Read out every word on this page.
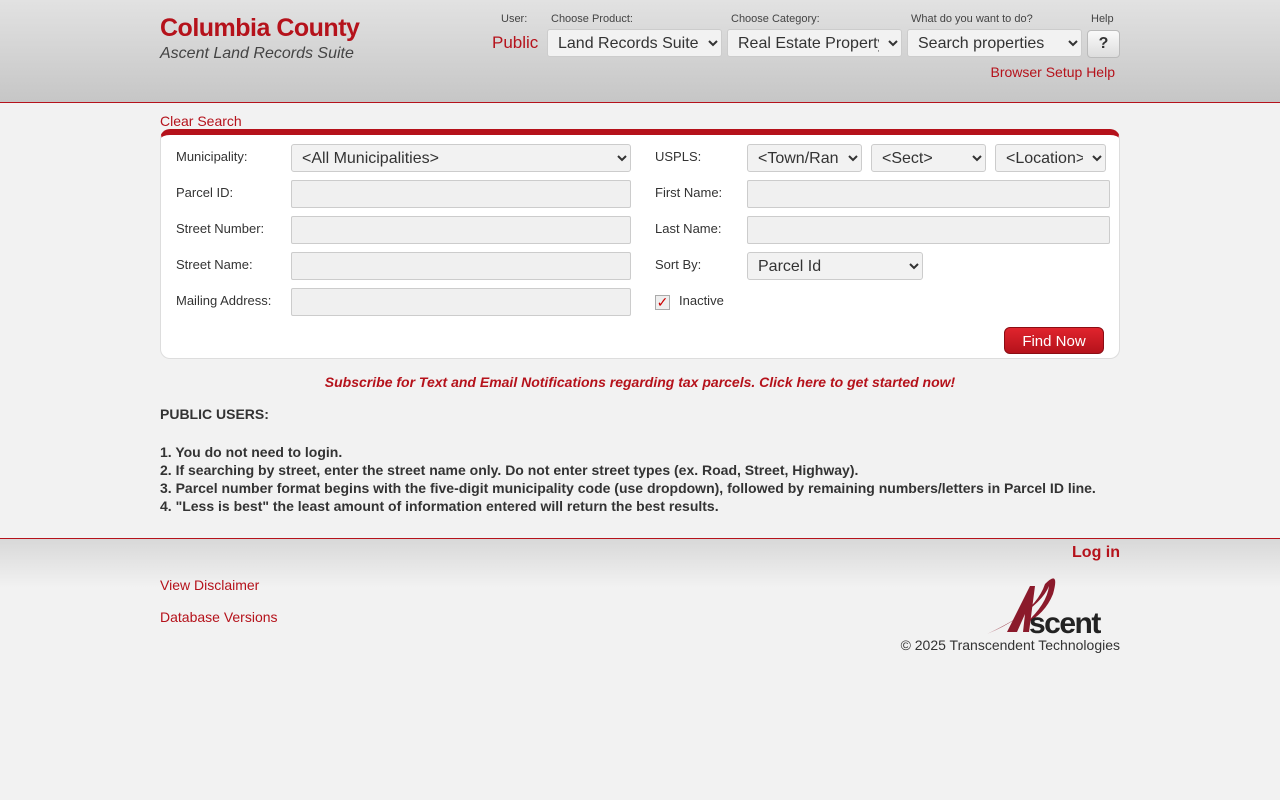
Columbia County
Ascent Land Records Suite
User: Choose Product:	Choose Category:	What do you want to do?	Help
Public
Land Records Suite
Real Estate Property
Search properties	?
Browser Setup Help
Clear Search
Municipality:
<All Municipalities>
Parcel ID:
Street Number:
Street Name:
Mailing Address:
USPLS:
<Town/Range>
<Sect>
<Location>
First Name:
Last Name:
Sort By:
Parcel Id
✓ Inactive
Find Now
Subscribe for Text and Email Notifications regarding tax parcels. Click here to get started now!
PUBLIC USERS:
1. You do not need to login.
2. If searching by street, enter the street name only. Do not enter street types (ex. Road, Street, Highway).
3. Parcel number format begins with the five-digit municipality code (use dropdown), followed by remaining numbers/letters in Parcel ID line.
4. "Less is best" the least amount of information entered will return the best results.
Log in
View Disclaimer
Database Versions	scent
© 2025 Transcendent Technologies
